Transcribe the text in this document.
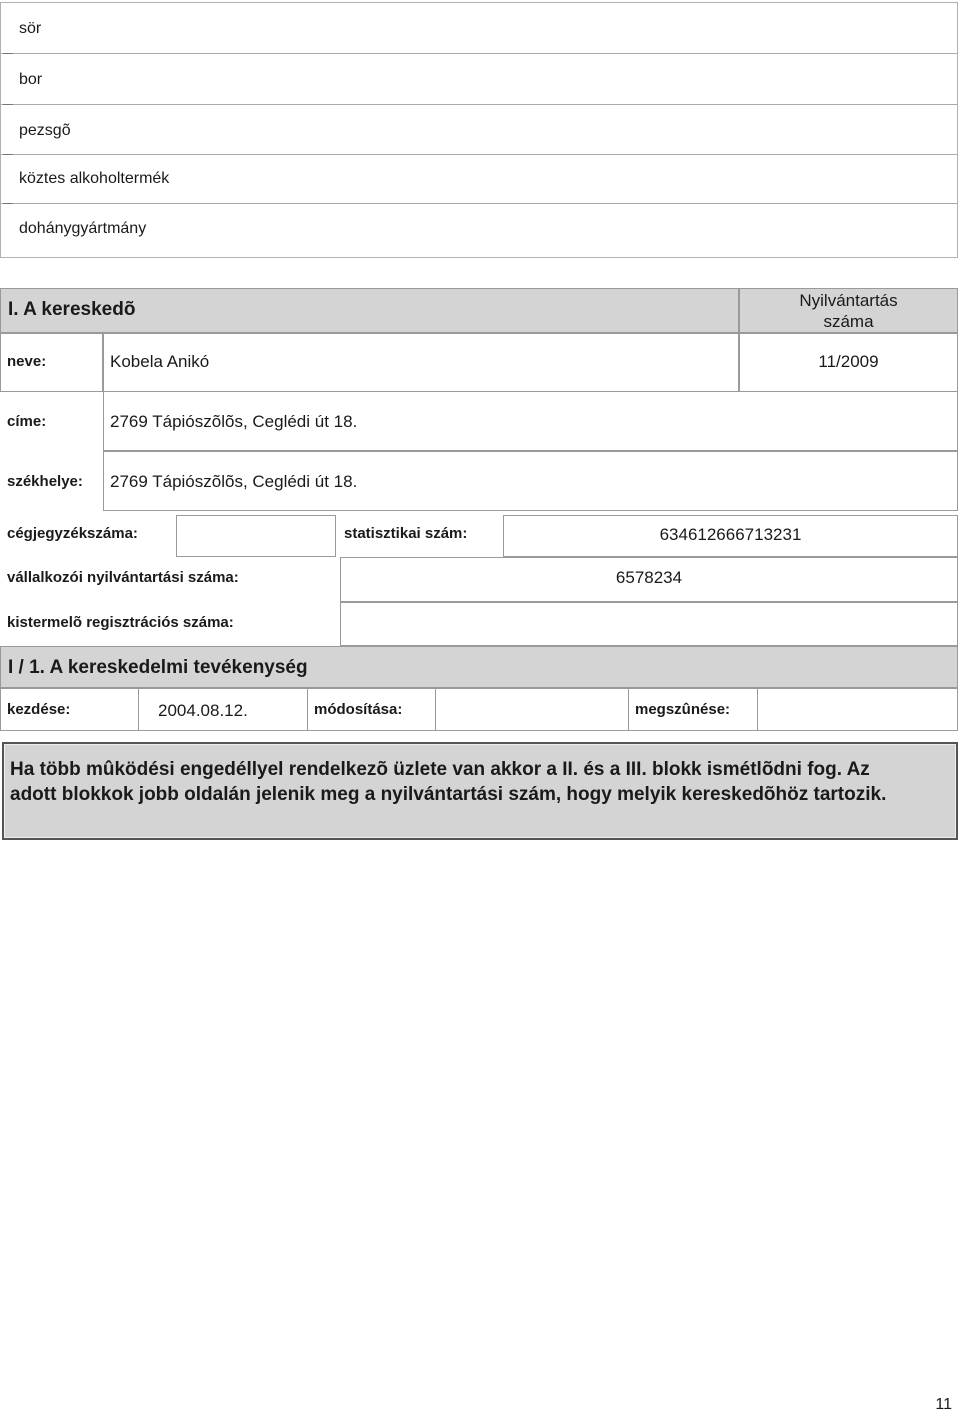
sör
bor
pezsgõ
köztes alkoholtermék
dohánygyártmány
I. A kereskedõ	Nyilvántartás
száma
neve:	Kobela Anikó	11/2009
címe:	2769 Tápiószõlõs, Ceglédi út 18.
székhelye: 2769 Tápiószõlõs, Ceglédi út 18.
cégjegyzékszáma:	statisztikai szám:	634612666713231
vállalkozói nyilvántartási száma:	6578234
kistermelõ regisztrációs száma:
I / 1. A kereskedelmi tevékenység
kezdése:	2004.08.12.	módosítása:	megszûnése:
Ha több mûködési engedéllyel rendelkezõ üzlete van akkor a II. és a III. blokk ismétlõdni fog. Az adott blokkok jobb oldalán jelenik meg a nyilvántartási szám, hogy melyik kereskedõhöz tartozik.
11
